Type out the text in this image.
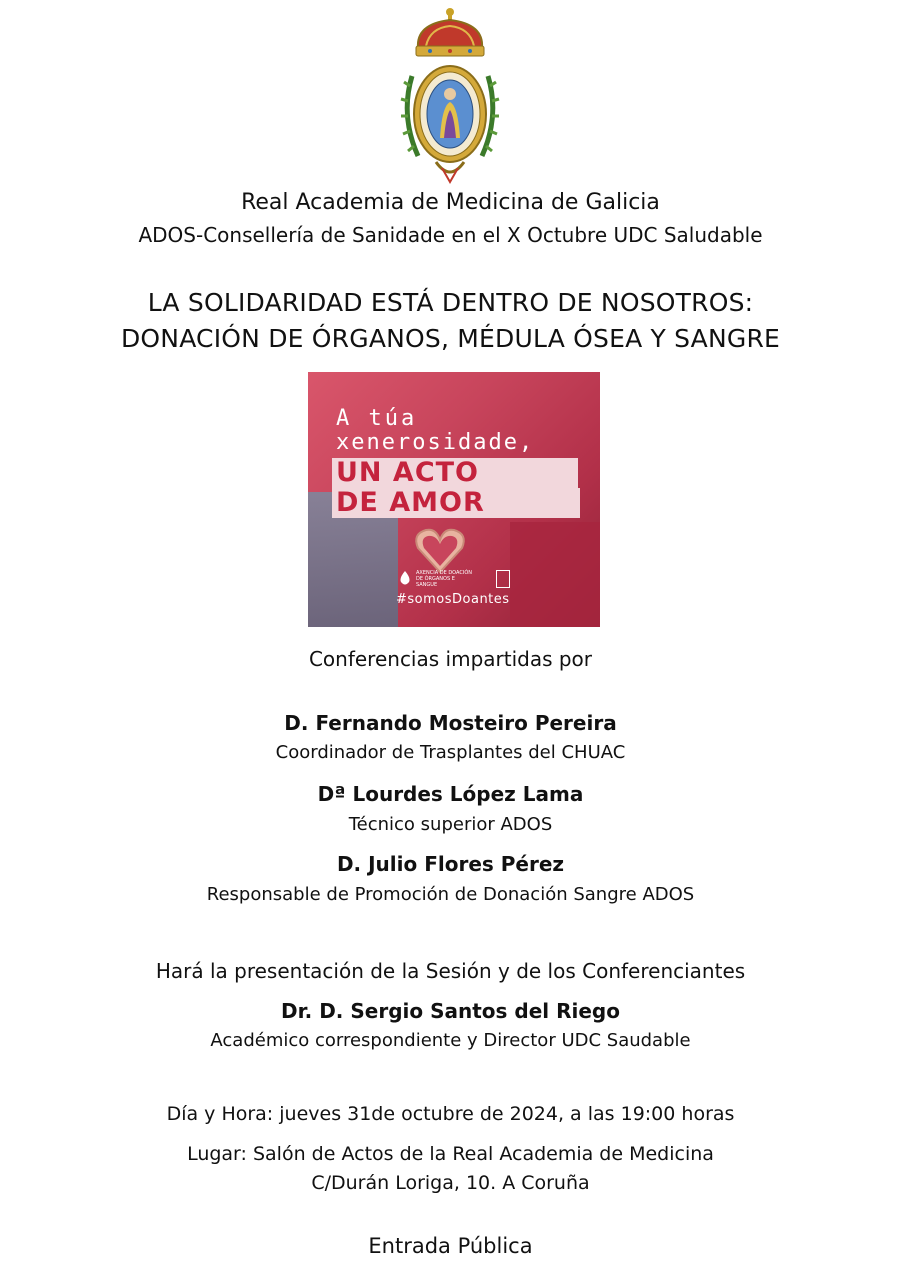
Real Academia de Medicina de Galicia
ADOS-Consellería de Sanidade en el X Octubre UDC Saludable
LA SOLIDARIDAD ESTÁ DENTRO DE NOSOTROS:
DONACIÓN DE ÓRGANOS, MÉDULA ÓSEA Y SANGRE
A túa
xenerosidade,
UN ACTO
DE AMOR
AXENCIA DE DOACIÓN DE ÓRGANOS E SANGUE
#somosDoantes
Conferencias impartidas por
D. Fernando Mosteiro Pereira
Coordinador de Trasplantes del CHUAC
Dª Lourdes López Lama
Técnico superior ADOS
D. Julio Flores Pérez
Responsable de Promoción de Donación Sangre ADOS
Hará la presentación de la Sesión y de los Conferenciantes
Dr. D. Sergio Santos del Riego
Académico correspondiente y Director UDC Saudable
Día y Hora: jueves 31de octubre de 2024, a las 19:00 horas
Lugar: Salón de Actos de la Real Academia de Medicina
C/Durán Loriga, 10. A Coruña
Entrada Pública
